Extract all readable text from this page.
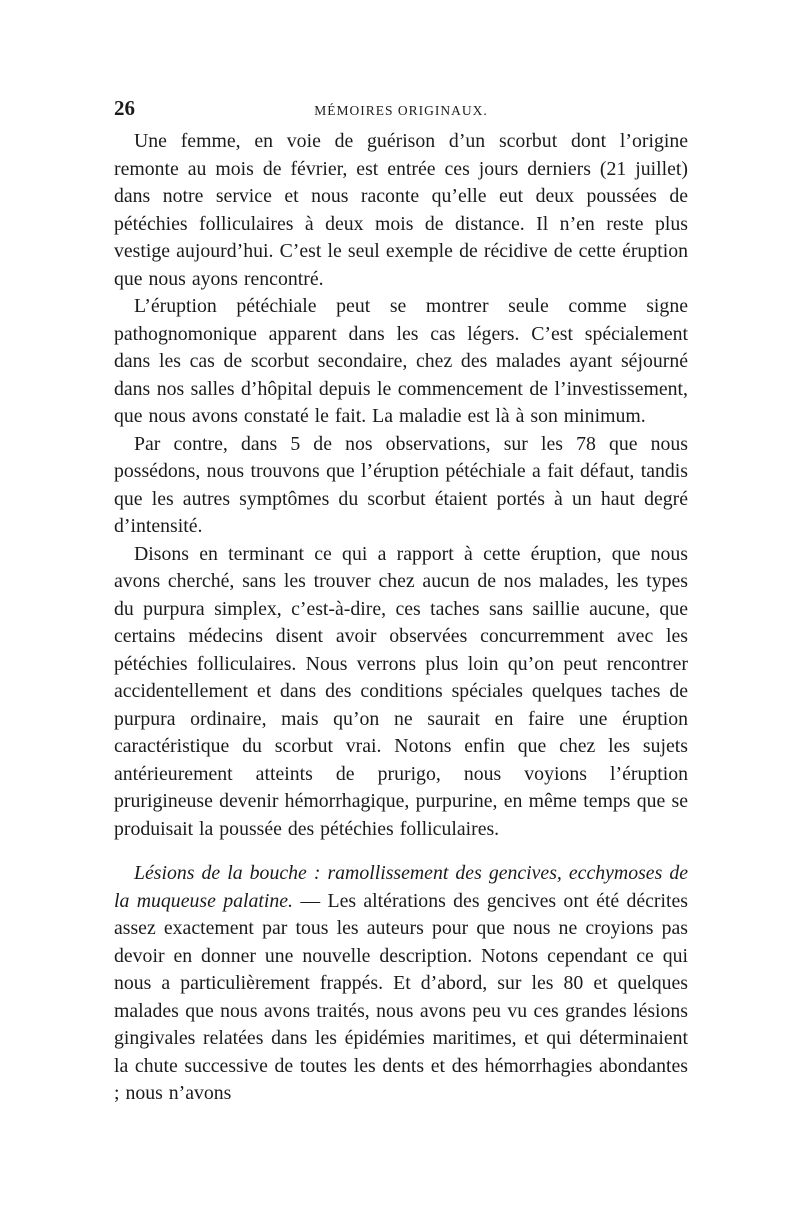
26	MÉMOIRES ORIGINAUX.

Une femme, en voie de guérison d’un scorbut dont l’origine remonte au mois de février, est entrée ces jours derniers (21 juillet) dans notre service et nous raconte qu’elle eut deux poussées de pétéchies folliculaires à deux mois de distance. Il n’en reste plus vestige aujourd’hui. C’est le seul exemple de récidive de cette éruption que nous ayons rencontré.

L’éruption pétéchiale peut se montrer seule comme signe pathognomonique apparent dans les cas légers. C’est spécialement dans les cas de scorbut secondaire, chez des malades ayant séjourné dans nos salles d’hôpital depuis le commencement de l’investissement, que nous avons constaté le fait. La maladie est là à son minimum.

Par contre, dans 5 de nos observations, sur les 78 que nous possédons, nous trouvons que l’éruption pétéchiale a fait défaut, tandis que les autres symptômes du scorbut étaient portés à un haut degré d’intensité.

Disons en terminant ce qui a rapport à cette éruption, que nous avons cherché, sans les trouver chez aucun de nos malades, les types du purpura simplex, c’est-à-dire, ces taches sans saillie aucune, que certains médecins disent avoir observées concurremment avec les pétéchies folliculaires. Nous verrons plus loin qu’on peut rencontrer accidentellement et dans des conditions spéciales quelques taches de purpura ordinaire, mais qu’on ne saurait en faire une éruption caractéristique du scorbut vrai. Notons enfin que chez les sujets antérieurement atteints de prurigo, nous voyions l’éruption prurigineuse devenir hémorrhagique, purpurine, en même temps que se produisait la poussée des pétéchies folliculaires.

Lésions de la bouche : ramollissement des gencives, ecchymoses de la muqueuse palatine. — Les altérations des gencives ont été décrites assez exactement par tous les auteurs pour que nous ne croyions pas devoir en donner une nouvelle description. Notons cependant ce qui nous a particulièrement frappés. Et d’abord, sur les 80 et quelques malades que nous avons traités, nous avons peu vu ces grandes lésions gingivales relatées dans les épidémies maritimes, et qui déterminaient la chute successive de toutes les dents et des hémorrhagies abondantes ; nous n’avons
